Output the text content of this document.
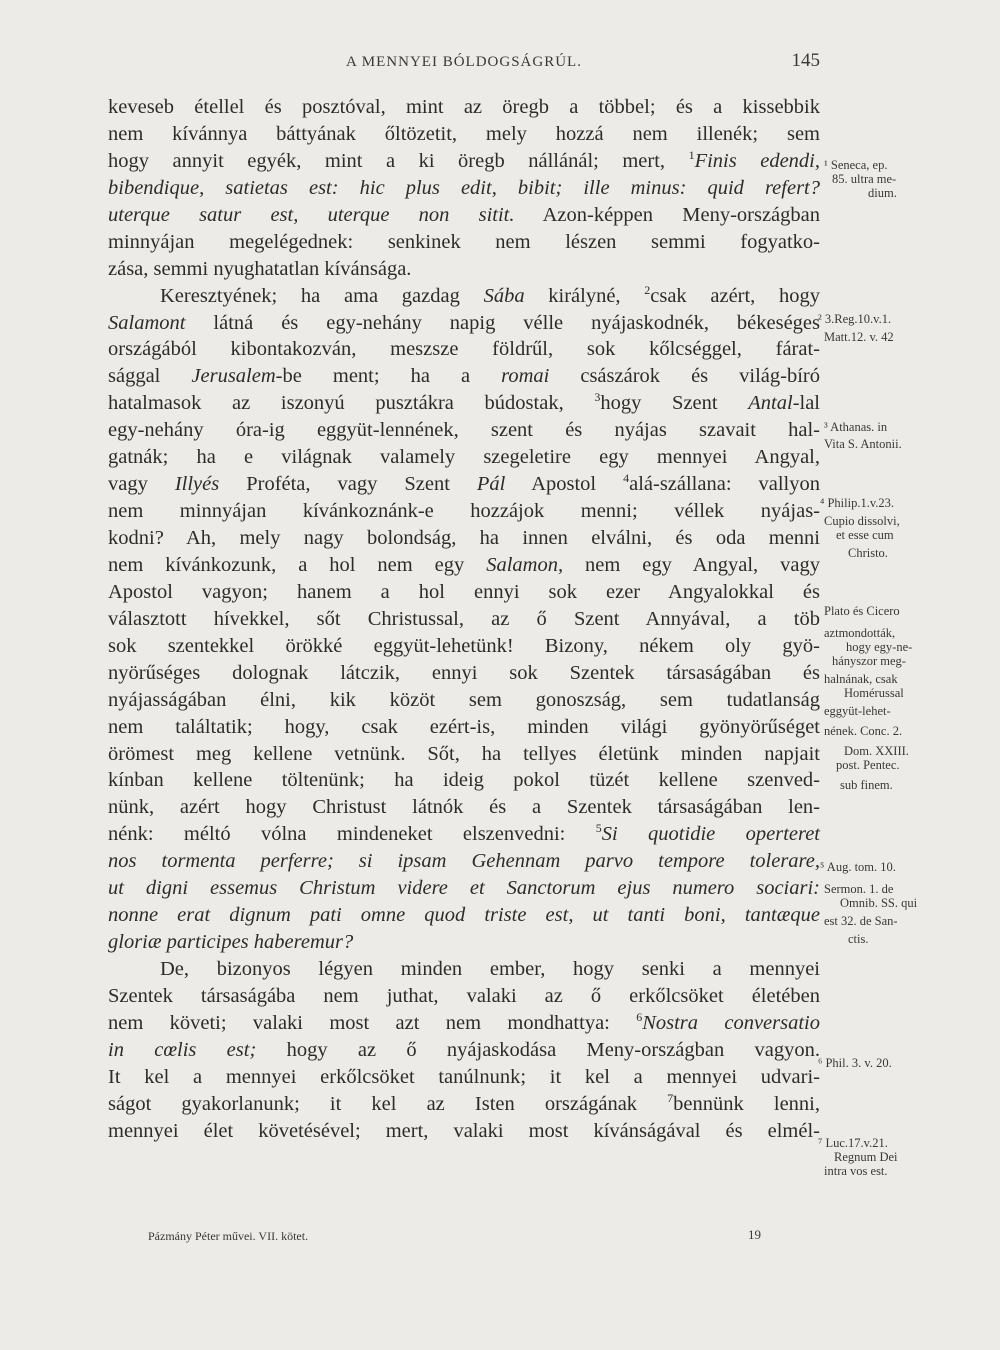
A MENNYEI BÓLDOGSÁGRÚL.	145
keveseb étellel és posztóval, mint az öregb a többel; és a kissebbik
nem kívánnya báttyának őltözetit, mely hozzá nem illenék; sem
hogy annyit egyék, mint a ki öregb nállánál; mert, $^1$Finis edendi,
bibendique, satietas est: hic plus edit, bibit; ille minus: quid refert?
uterque satur est, uterque non sitit. Azon-képpen Meny-országban
minnyájan megelégednek: senkinek nem lészen semmi fogyatko-
zása, semmi nyughatatlan kívánsága.
Keresztyének; ha ama gazdag Sába királyné, $^2$csak azért, hogy
Salamont látná és egy-nehány napig vélle nyájaskodnék, békeséges
országából kibontakozván, meszsze földrűl, sok kőlcséggel, fárat-
sággal Jerusalem-be ment; ha a romai császárok és világ-bíró
hatalmasok az iszonyú pusztákra búdostak, $^3$hogy Szent Antal-lal
egy-nehány óra-ig eggyüt-lennének, szent és nyájas szavait hal-
gatnák; ha e világnak valamely szegeletire egy mennyei Angyal,
vagy Illyés Proféta, vagy Szent Pál Apostol $^4$alá-szállana: vallyon
nem minnyájan kívánkoznánk-e hozzájok menni; véllek nyájas-
kodni? Ah, mely nagy bolondság, ha innen elválni, és oda menni
nem kívánkozunk, a hol nem egy Salamon, nem egy Angyal, vagy
Apostol vagyon; hanem a hol ennyi sok ezer Angyalokkal és
választott hívekkel, sőt Christussal, az ő Szent Annyával, a töb
sok szentekkel örökké eggyüt-lehetünk! Bizony, nékem oly gyö-
nyörűséges dolognak látczik, ennyi sok Szentek társaságában és
nyájasságában élni, kik közöt sem gonoszság, sem tudatlanság
nem találtatik; hogy, csak ezért-is, minden világi gyönyörűséget
örömest meg kellene vetnünk. Sőt, ha tellyes életünk minden napjait
kínban kellene töltenünk; ha ideig pokol tüzét kellene szenved-
nünk, azért hogy Christust látnók és a Szentek társaságában len-
nénk: méltó vólna mindeneket elszenvedni: $^5$Si quotidie operteret
nos tormenta perferre; si ipsam Gehennam parvo tempore tolerare,
ut digni essemus Christum videre et Sanctorum ejus numero sociari:
nonne erat dignum pati omne quod triste est, ut tanti boni, tantæque
gloriæ participes haberemur?
De, bizonyos légyen minden ember, hogy senki a mennyei
Szentek társaságába nem juthat, valaki az ő erkőlcsöket életében
nem követi; valaki most azt nem mondhattya: $^6$Nostra conversatio
in cœlis est; hogy az ő nyájaskodása Meny-országban vagyon.
It kel a mennyei erkőlcsöket tanúlnunk; it kel a mennyei udvari-
ságot gyakorlanunk; it kel az Isten országának $^7$bennünk lenni,
mennyei élet követésével; mert, valaki most kívánságával és elmél-
¹ Seneca, ep.
85. ultra me-
dium.
² 3.Reg.10.v.1.
Matt.12. v. 42
³ Athanas. in
Vita S. Antonii.
⁴ Philip.1.v.23.
Cupio dissolvi,
et esse cum
Christo.
Plato és Cicero
aztmondották,
hogy egy-ne-
hányszor meg-
halnának, csak
Homérussal
eggyüt-lehet-
nének. Conc. 2.
Dom. XXIII.
post. Pentec.
sub finem.
⁵ Aug. tom. 10.
Sermon. 1. de
Omnib. SS. qui
est 32. de San-
ctis.
⁶ Phil. 3. v. 20.
⁷ Luc.17.v.21.
Regnum Dei
intra vos est.
Pázmány Péter művei. VII. kötet.	19
